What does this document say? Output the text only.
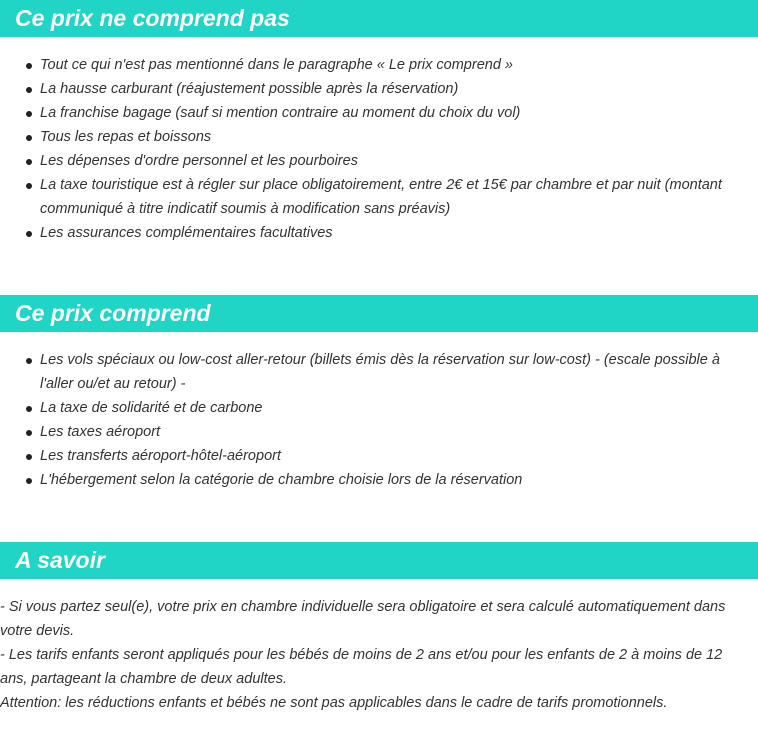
Ce prix ne comprend pas
Tout ce qui n'est pas mentionné dans le paragraphe « Le prix comprend »
La hausse carburant (réajustement possible après la réservation)
La franchise bagage (sauf si mention contraire au moment du choix du vol)
Tous les repas et boissons
Les dépenses d'ordre personnel et les pourboires
La taxe touristique est à régler sur place obligatoirement, entre 2€ et 15€ par chambre et par nuit (montant communiqué à titre indicatif soumis à modification sans préavis)
Les assurances complémentaires facultatives
Ce prix comprend
Les vols spéciaux ou low-cost aller-retour (billets émis dès la réservation sur low-cost) - (escale possible à l'aller ou/et au retour) -
La taxe de solidarité et de carbone
Les taxes aéroport
Les transferts aéroport-hôtel-aéroport
L'hébergement selon la catégorie de chambre choisie lors de la réservation
A savoir

- Si vous partez seul(e), votre prix en chambre individuelle sera obligatoire et sera calculé automatiquement dans votre devis.

- Les tarifs enfants seront appliqués pour les bébés de moins de 2 ans et/ou pour les enfants de 2 à moins de 12 ans, partageant la chambre de deux adultes.

Attention: les réductions enfants et bébés ne sont pas applicables dans le cadre de tarifs promotionnels.
